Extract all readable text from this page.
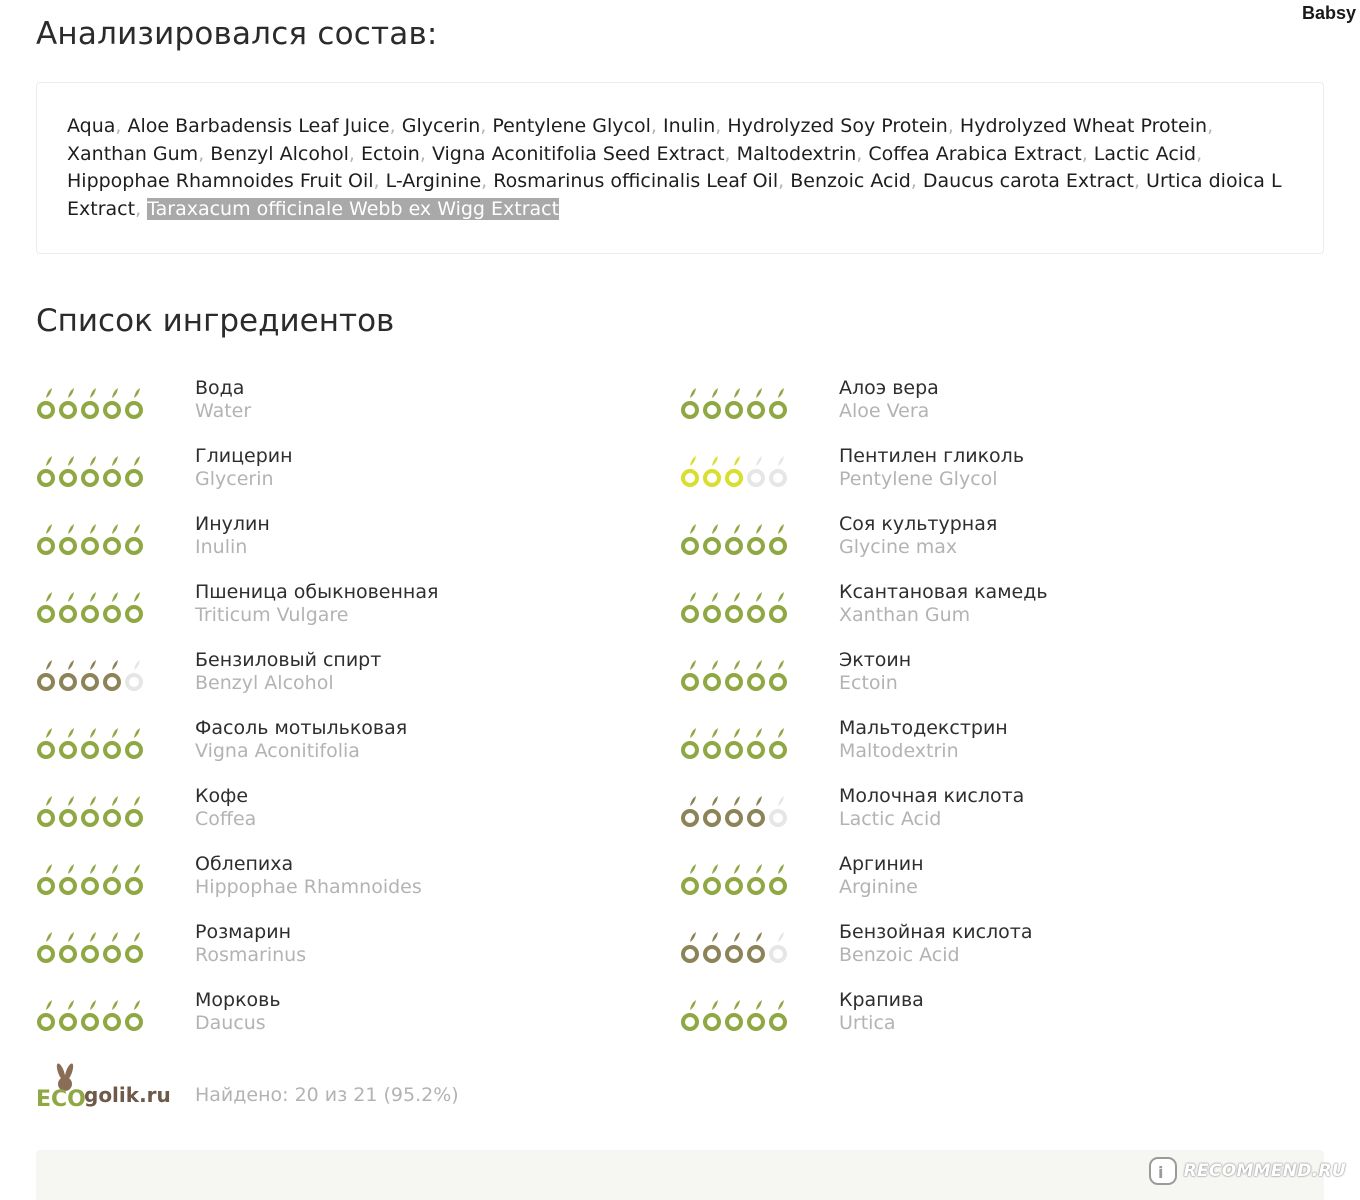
Babsy
Анализировался состав:
Aqua, Aloe Barbadensis Leaf Juice, Glycerin, Pentylene Glycol, Inulin, Hydrolyzed Soy Protein, Hydrolyzed Wheat Protein, Xanthan Gum, Benzyl Alcohol, Ectoin, Vigna Aconitifolia Seed Extract, Maltodextrin, Coffea Arabica Extract, Lactic Acid, Hippophae Rhamnoides Fruit Oil, L-Arginine, Rosmarinus officinalis Leaf Oil, Benzoic Acid, Daucus carota Extract, Urtica dioica L Extract, Taraxacum officinale Webb ex Wigg Extract
Список ингредиентов
Вода
Water
Алоэ вера
Aloe Vera
Глицерин
Glycerin
Пентилен гликоль
Pentylene Glycol
Инулин
Inulin
Соя культурная
Glycine max
Пшеница обыкновенная
Triticum Vulgare
Ксантановая камедь
Xanthan Gum
Бензиловый спирт
Benzyl Alcohol
Эктоин
Ectoin
Фасоль мотыльковая
Vigna Aconitifolia
Мальтодекстрин
Maltodextrin
Кофе
Coffea
Молочная кислота
Lactic Acid
Облепиха
Hippophae Rhamnoides
Аргинин
Arginine
Розмарин
Rosmarinus
Бензойная кислота
Benzoic Acid
Морковь
Daucus
Крапива
Urtica
ECO
golik.ru Найдено: 20 из 21 (95.2%)
i RECOMMEND.RU
